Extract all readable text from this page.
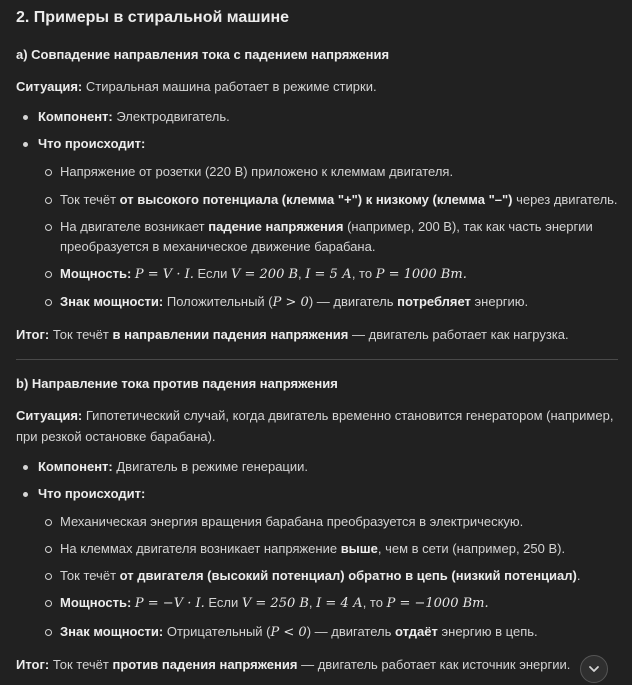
2. Примеры в стиральной машине
а) Совпадение направления тока с падением напряжения

Ситуация: Стиральная машина работает в режиме стирки.

Компонент: Электродвигатель.
Что происходит:
Напряжение от розетки (220 В) приложено к клеммам двигателя.
Ток течёт от высокого потенциала (клемма "+") к низкому (клемма "–") через двигатель.
На двигателе возникает падение напряжения (например, 200 В), так как часть энергии преобразуется в механическое движение барабана.
Мощность: P = V · I. Если V = 200 В, I = 5 А, то P = 1000 Вт.
Знак мощности: Положительный (P > 0) — двигатель потребляет энергию.

Итог: Ток течёт в направлении падения напряжения — двигатель работает как нагрузка.

b) Направление тока против падения напряжения

Ситуация: Гипотетический случай, когда двигатель временно становится генератором (например, при резкой остановке барабана).

Компонент: Двигатель в режиме генерации.
Что происходит:
Механическая энергия вращения барабана преобразуется в электрическую.
На клеммах двигателя возникает напряжение выше, чем в сети (например, 250 В).
Ток течёт от двигателя (высокий потенциал) обратно в цепь (низкий потенциал).
Мощность: P = −V · I. Если V = 250 В, I = 4 А, то P = −1000 Вт.
Знак мощности: Отрицательный (P < 0) — двигатель отдаёт энергию в цепь.

Итог: Ток течёт против падения напряжения — двигатель работает как источник энергии.
